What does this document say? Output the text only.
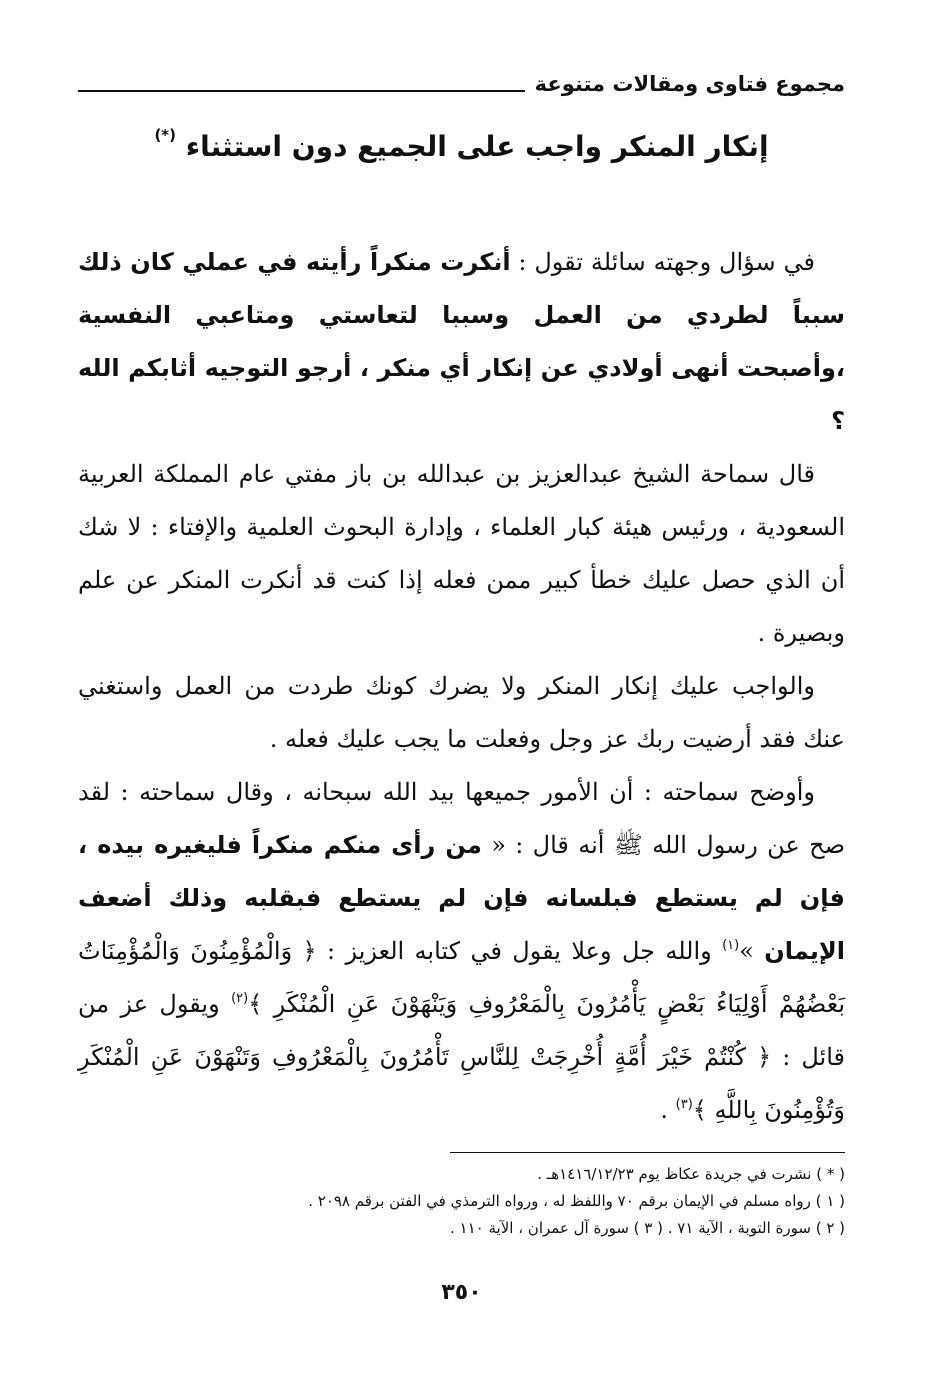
مجموع فتاوى ومقالات متنوعة
إنكار المنكر واجب على الجميع دون استثناء (*)

في سؤال وجهته سائلة تقول : أنكرت منكراً رأيته في عملي كان ذلك سبباً لطردي من العمل وسببا لتعاستي ومتاعبي النفسية ،وأصبحت أنهى أولادي عن إنكار أي منكر ، أرجو التوجيه أثابكم الله ؟

قال سماحة الشيخ عبدالعزيز بن عبدالله بن باز مفتي عام المملكة العربية السعودية ، ورئيس هيئة كبار العلماء ، وإدارة البحوث العلمية والإفتاء : لا شك أن الذي حصل عليك خطأ كبير ممن فعله إذا كنت قد أنكرت المنكر عن علم وبصيرة .

والواجب عليك إنكار المنكر ولا يضرك كونك طردت من العمل واستغني عنك فقد أرضيت ربك عز وجل وفعلت ما يجب عليك فعله .

وأوضح سماحته : أن الأمور جميعها بيد الله سبحانه ، وقال سماحته : لقد صح عن رسول الله ﷺ أنه قال : « من رأى منكم منكراً فليغيره بيده ، فإن لم يستطع فبلسانه فإن لم يستطع فبقلبه وذلك أضعف الإيمان »$^{(١)}$ والله جل وعلا يقول في كتابه العزيز : ﴿ وَالْمُؤْمِنُونَ وَالْمُؤْمِنَاتُ بَعْضُهُمْ أَوْلِيَاءُ بَعْضٍ يَأْمُرُونَ بِالْمَعْرُوفِ وَيَنْهَوْنَ عَنِ الْمُنْكَرِ ﴾$^{(٢)}$ ويقول عز من قائل : ﴿ كُنْتُمْ خَيْرَ أُمَّةٍ أُخْرِجَتْ لِلنَّاسِ تَأْمُرُونَ بِالْمَعْرُوفِ وَتَنْهَوْنَ عَنِ الْمُنْكَرِ وَتُؤْمِنُونَ بِاللَّهِ ﴾$^{(٣)}$ .

( * ) نشرت في جريدة عكاظ يوم ١٤١٦/١٢/٢٣هـ .
( ١ ) رواه مسلم في الإيمان برقم ٧٠ واللفظ له ، ورواه الترمذي في الفتن برقم ٢٠٩٨ .
( ٢ ) سورة التوبة ، الآية ٧١ . ( ٣ ) سورة آل عمران ، الآية ١١٠ .
٣٥٠
